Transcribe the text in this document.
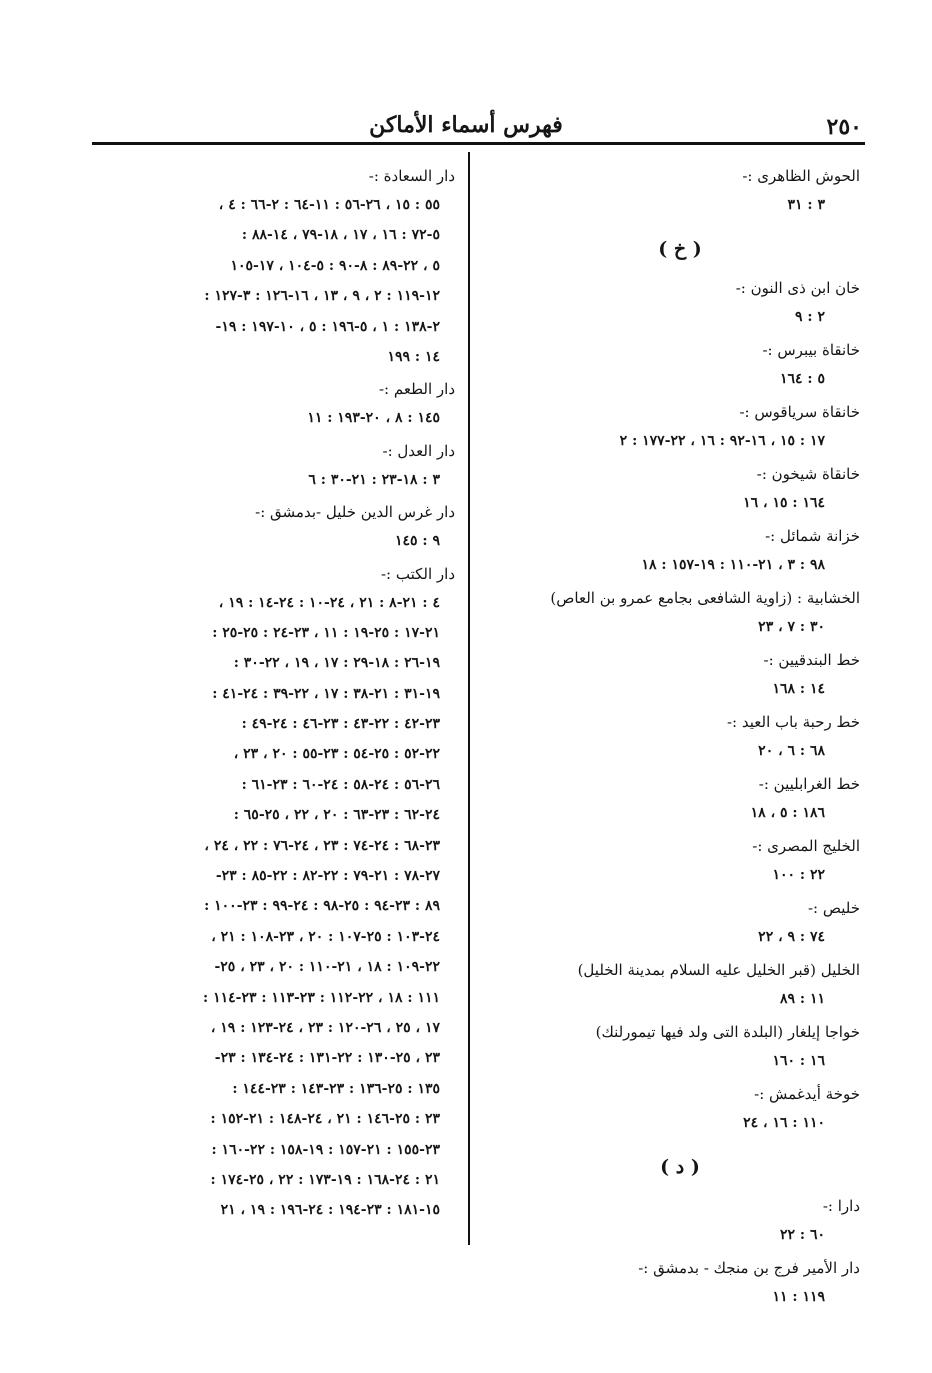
٢٥٠
فهرس أسماء الأماكن
الحوش الظاهرى :-
٣ : ٣١
( خ )
خان ابن ذى النون :-
٢ : ٩
خانقاة بيبرس :-
٥ : ١٦٤
خانقاة سرياقوس :-
١٧ : ١٥ ، ١٦-٩٢ : ١٦ ، ٢٢-١٧٧ : ٢
خانقاة شيخون :-
١٦٤ : ١٥ ، ١٦
خزانة شمائل :-
٩٨ : ٣ ، ٢١-١١٠ : ١٩-١٥٧ : ١٨
الخشابية : (زاوية الشافعى بجامع عمرو بن العاص)
٣٠ : ٧ ، ٢٣
خط البندقيين :-
١٤ : ١٦٨
خط رحبة باب العيد :-
٦٨ : ٦ ، ٢٠
خط الغرابليين :-
١٨٦ : ٥ ، ١٨
الخليج المصرى :-
٢٢ : ١٠٠
خليص :-
٧٤ : ٩ ، ٢٢
الخليل (قبر الخليل عليه السلام بمدينة الخليل)
١١ : ٨٩
خواجا إيلغار (البلدة التى ولد فيها تيمورلنك)
١٦ : ١٦٠
خوخة أيدغمش :-
١١٠ : ١٦ ، ٢٤
( د )
دارا :-
٦٠ : ٢٢
دار الأمير فرج بن منجك - بدمشق :-
١١٩ : ١١
دار السعادة :-
٥٥ : ١٥ ، ٢٦-٥٦ : ١١-٦٤ : ٢-٦٦ : ٤ ،
٥-٧٢ : ١٦ ، ١٧ ، ١٨-٧٩ ، ١٤-٨٨ :
٥ ، ٢٢-٨٩ : ٨-٩٠ : ٥-١٠٤ ، ١٧-١٠٥
١٢-١١٩ : ٢ ، ٩ ، ١٣ ، ١٦-١٢٦ : ٣-١٢٧ :
٢-١٣٨ : ١ ، ٥-١٩٦ : ٥ ، ١٠-١٩٧ : ١٩-
١٤ : ١٩٩
دار الطعم :-
١٤٥ : ٨ ، ٢٠-١٩٣ : ١١
دار العدل :-
٣ : ١٨-٢٣ : ٢١-٣٠ : ٦
دار غرس الدين خليل -بدمشق :-
٩ : ١٤٥
دار الكتب :-
٤ : ٢١-٨ : ٢١ ، ٢٤-١٠ : ٢٤-١٤ : ١٩ ،
٢١-١٧ : ٢٥-١٩ : ١١ ، ٢٣-٢٤ : ٢٥-٢٥ :
١٩-٢٦ : ١٨-٢٩ : ١٧ ، ١٩ ، ٢٢-٣٠ :
١٩-٣١ : ٢١-٣٨ : ١٧ ، ٢٢-٣٩ : ٢٤-٤١ :
٢٣-٤٢ : ٢٢-٤٣ : ٢٣-٤٦ : ٢٤-٤٩ :
٢٢-٥٢ : ٢٥-٥٤ : ٢٣-٥٥ : ٢٠ ، ٢٣ ،
٢٦-٥٦ : ٢٤-٥٨ : ٢٤-٦٠ : ٢٣-٦١ :
٢٤-٦٢ : ٢٣-٦٣ : ٢٠ ، ٢٢ ، ٢٥-٦٥ :
٢٣-٦٨ : ٢٤-٧٤ : ٢٣ ، ٢٤-٧٦ : ٢٢ ، ٢٤ ،
٢٧-٧٨ : ٢١-٧٩ : ٢٢-٨٢ : ٢٢-٨٥ : ٢٣-
٨٩ : ٢٣-٩٤ : ٢٥-٩٨ : ٢٤-٩٩ : ٢٣-١٠٠ :
٢٤-١٠٣ : ٢٥-١٠٧ : ٢٠ ، ٢٣-١٠٨ : ٢١ ،
٢٢-١٠٩ : ١٨ ، ٢١-١١٠ : ٢٠ ، ٢٣ ، ٢٥-
١١١ : ١٨ ، ٢٢-١١٢ : ٢٣-١١٣ : ٢٣-١١٤ :
١٧ ، ٢٥ ، ٢٦-١٢٠ : ٢٣ ، ٢٤-١٢٣ : ١٩ ،
٢٣ ، ٢٥-١٣٠ : ٢٢-١٣١ : ٢٤-١٣٤ : ٢٣-
١٣٥ : ٢٥-١٣٦ : ٢٣-١٤٣ : ٢٣-١٤٤ :
٢٣ : ٢٥-١٤٦ : ٢١ ، ٢٤-١٤٨ : ٢١-١٥٢ :
٢٣-١٥٥ : ٢١-١٥٧ : ١٩-١٥٨ : ٢٢-١٦٠ :
٢١ : ٢٤-١٦٨ : ١٩-١٧٣ : ٢٢ ، ٢٥-١٧٤ :
١٥-١٨١ : ٢٣-١٩٤ : ٢٤-١٩٦ : ١٩ ، ٢١
